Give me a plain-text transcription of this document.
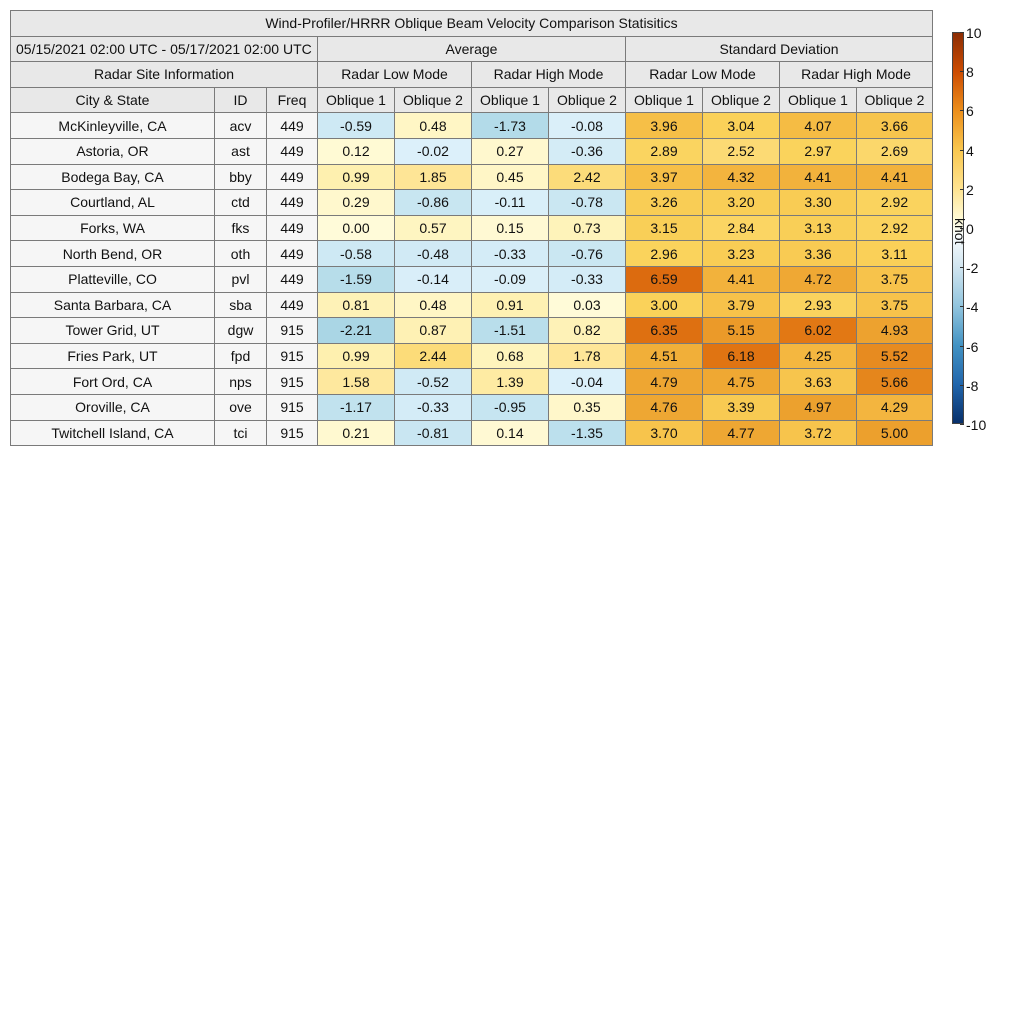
Wind-Profiler/HRRR Oblique Beam Velocity Comparison Statisitics										
05/15/2021 02:00 UTC - 05/17/2021 02:00 UTC			Average				Standard Deviation			
Radar Site Information			Radar Low Mode		Radar High Mode		Radar Low Mode		Radar High Mode	
City & State	ID	Freq	Oblique 1	Oblique 2	Oblique 1	Oblique 2	Oblique 1	Oblique 2	Oblique 1	Oblique 2
McKinleyville, CA	acv	449	-0.59	0.48	-1.73	-0.08	3.96	3.04	4.07	3.66
Astoria, OR	ast	449	0.12	-0.02	0.27	-0.36	2.89	2.52	2.97	2.69
Bodega Bay, CA	bby	449	0.99	1.85	0.45	2.42	3.97	4.32	4.41	4.41
Courtland, AL	ctd	449	0.29	-0.86	-0.11	-0.78	3.26	3.20	3.30	2.92
Forks, WA	fks	449	0.00	0.57	0.15	0.73	3.15	2.84	3.13	2.92
North Bend, OR	oth	449	-0.58	-0.48	-0.33	-0.76	2.96	3.23	3.36	3.11
Platteville, CO	pvl	449	-1.59	-0.14	-0.09	-0.33	6.59	4.41	4.72	3.75
Santa Barbara, CA	sba	449	0.81	0.48	0.91	0.03	3.00	3.79	2.93	3.75
Tower Grid, UT	dgw	915	-2.21	0.87	-1.51	0.82	6.35	5.15	6.02	4.93
Fries Park, UT	fpd	915	0.99	2.44	0.68	1.78	4.51	6.18	4.25	5.52
Fort Ord, CA	nps	915	1.58	-0.52	1.39	-0.04	4.79	4.75	3.63	5.66
Oroville, CA	ove	915	-1.17	-0.33	-0.95	0.35	4.76	3.39	4.97	4.29
Twitchell Island, CA	tci	915	0.21	-0.81	0.14	-1.35	3.70	4.77	3.72	5.00
10
8
6
4
2
0
-2
-4
-6
-8
-10
knot
